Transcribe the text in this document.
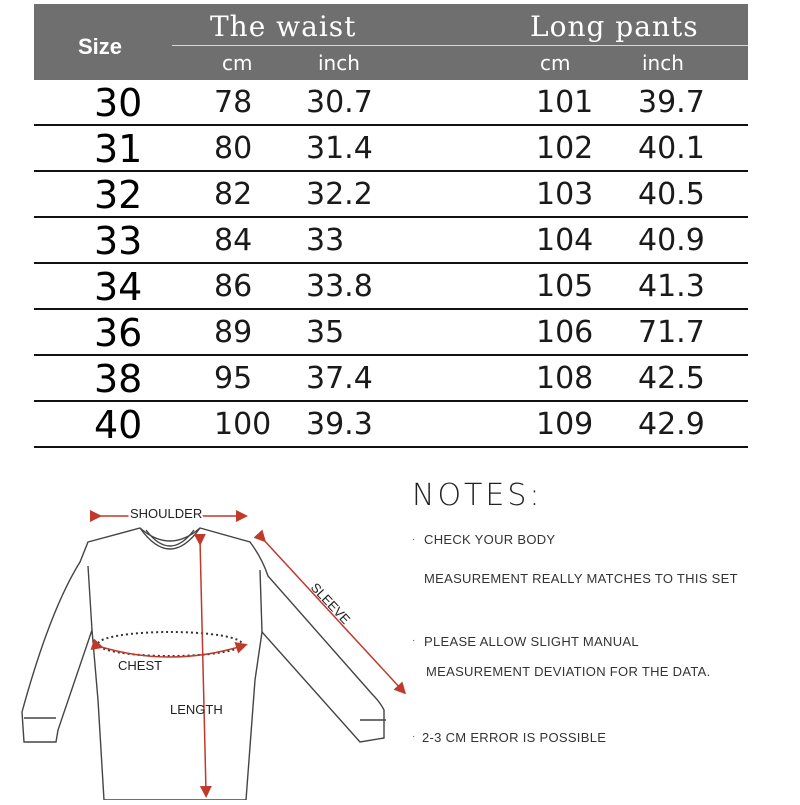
Size
The waist	Long pants
cm	inch	cm	inch
30 78 30.7	101 39.7
31 80 31.4	102 40.1
32 82 32.2	103 40.5
33 84 33	104 40.9
34 86 33.8	105 41.3
36 89 35	106 71.7
38 95 37.4	108 42.5
40 100 39.3	109 42.9
SHOULDER
SLEEVE
CHEST
LENGTH
NOTES:
· CHECK YOUR BODY
MEASUREMENT REALLY MATCHES TO THIS SET
· PLEASE ALLOW SLIGHT MANUAL
MEASUREMENT DEVIATION FOR THE DATA.
· 2-3 CM ERROR IS POSSIBLE
